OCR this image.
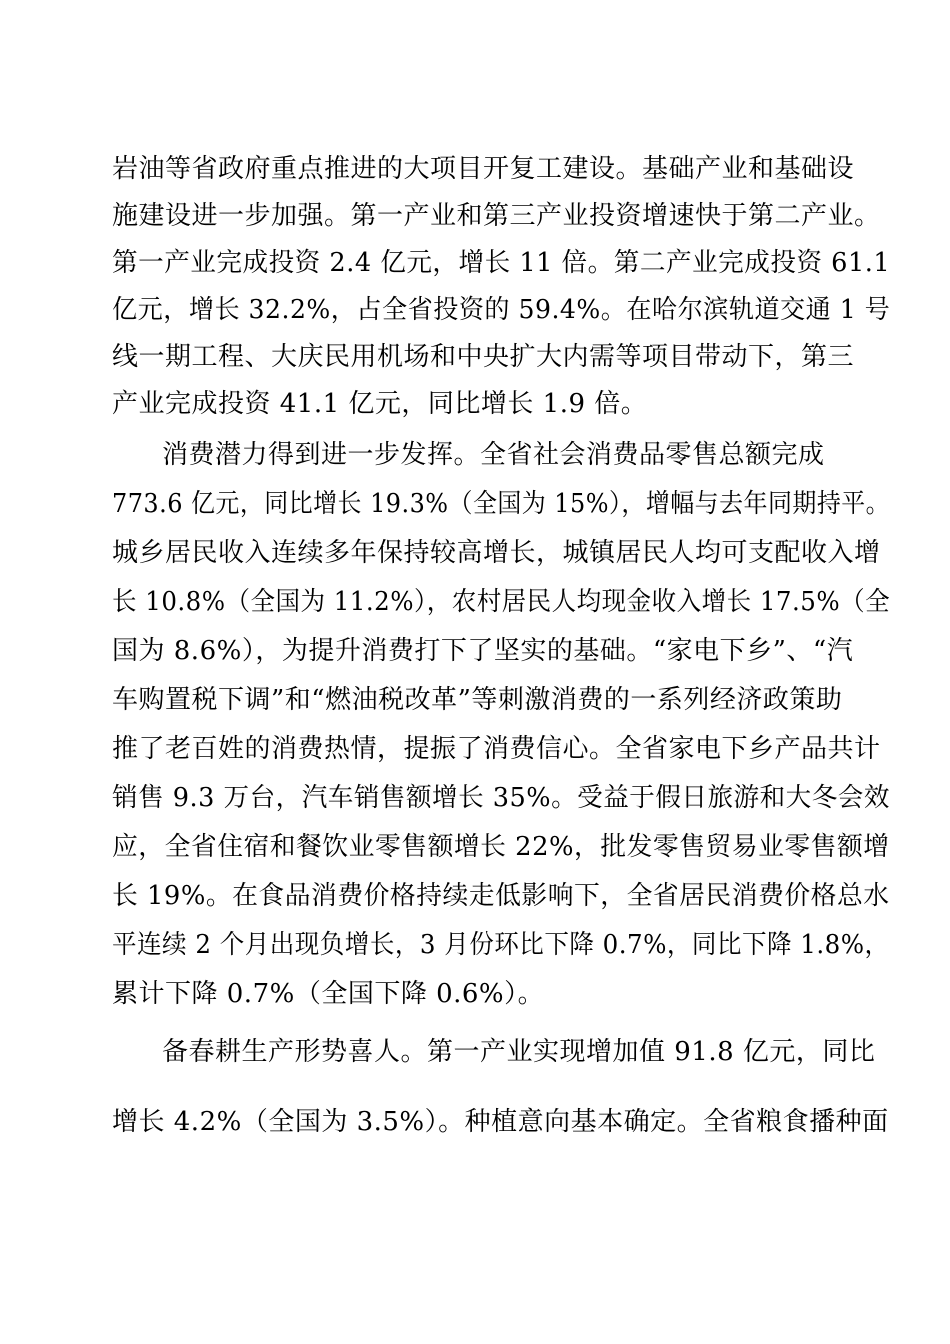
岩油等省政府重点推进的大项目开复工建设。基础产业和基础设
施建设进一步加强。第一产业和第三产业投资增速快于第二产业。
第一产业完成投资 2.4 亿元，增长 11 倍。第二产业完成投资 61.1
亿元，增长 32.2%，占全省投资的 59.4%。在哈尔滨轨道交通 1 号
线一期工程、大庆民用机场和中央扩大内需等项目带动下，第三
产业完成投资 41.1 亿元，同比增长 1.9 倍。
消费潜力得到进一步发挥。全省社会消费品零售总额完成
773.6 亿元，同比增长 19.3%（全国为 15%），增幅与去年同期持平。
城乡居民收入连续多年保持较高增长，城镇居民人均可支配收入增
长 10.8%（全国为 11.2%），农村居民人均现金收入增长 17.5%（全
国为 8.6%），为提升消费打下了坚实的基础。“家电下乡”、“汽
车购置税下调”和“燃油税改革”等刺激消费的一系列经济政策助
推了老百姓的消费热情，提振了消费信心。全省家电下乡产品共计
销售 9.3 万台，汽车销售额增长 35%。受益于假日旅游和大冬会效
应，全省住宿和餐饮业零售额增长 22%，批发零售贸易业零售额增
长 19%。在食品消费价格持续走低影响下，全省居民消费价格总水
平连续 2 个月出现负增长，3 月份环比下降 0.7%，同比下降 1.8%，
累计下降 0.7%（全国下降 0.6%）。
备春耕生产形势喜人。第一产业实现增加值 91.8 亿元，同比
增长 4.2%（全国为 3.5%）。种植意向基本确定。全省粮食播种面
